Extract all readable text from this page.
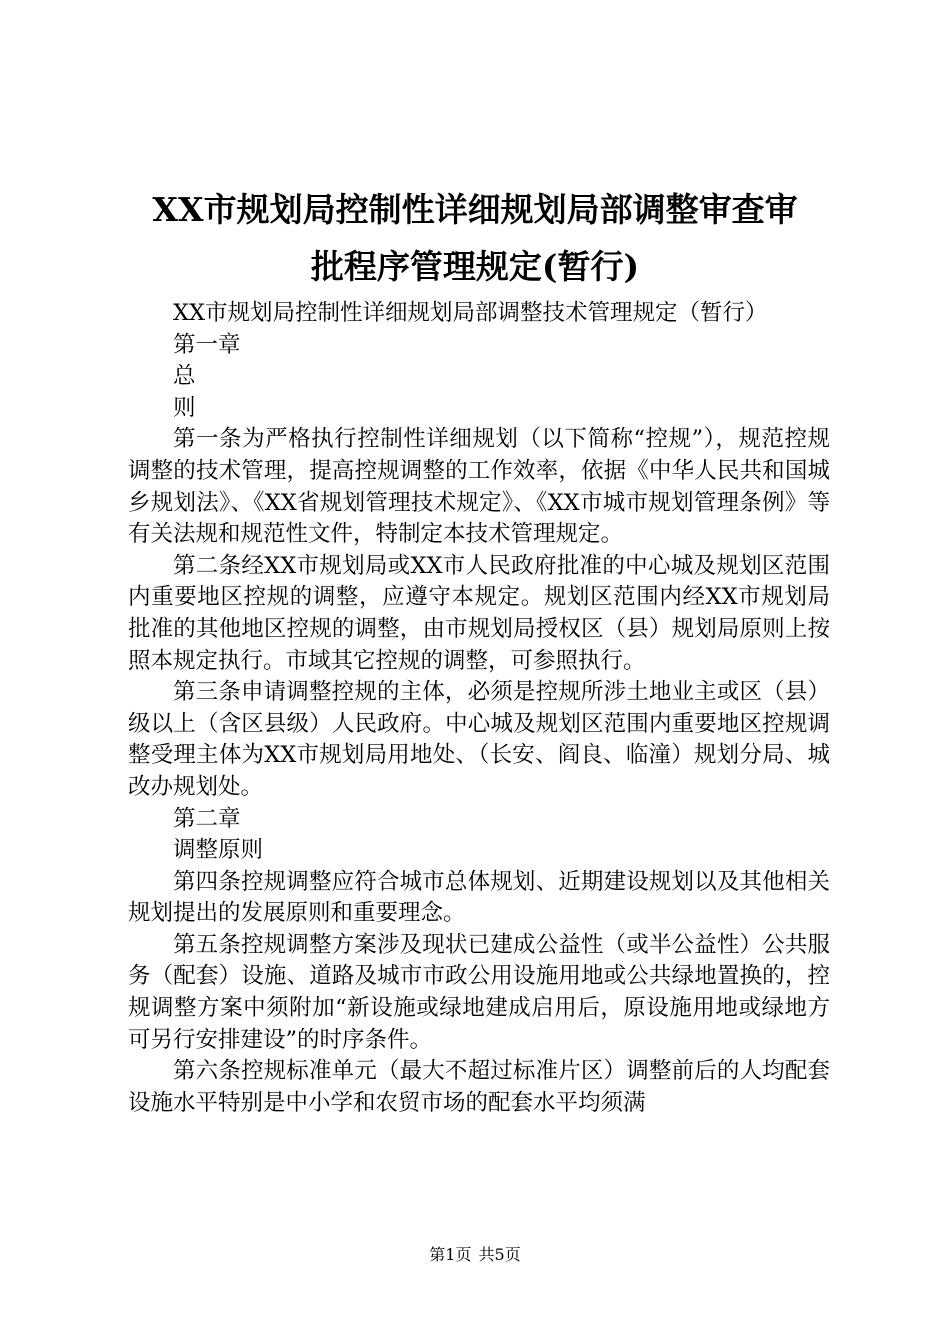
XX市规划局控制性详细规划局部调整审查审
批程序管理规定(暂行)

XX市规划局控制性详细规划局部调整技术管理规定（暂行）

第一章

总

则

第一条为严格执行控制性详细规划（以下简称“控规”），规范控规调整的技术管理，提高控规调整的工作效率，依据《中华人民共和国城乡规划法》、《XX省规划管理技术规定》、《XX市城市规划管理条例》等有关法规和规范性文件，特制定本技术管理规定。

第二条经XX市规划局或XX市人民政府批准的中心城及规划区范围内重要地区控规的调整，应遵守本规定。规划区范围内经XX市规划局批准的其他地区控规的调整，由市规划局授权区（县）规划局原则上按照本规定执行。市域其它控规的调整，可参照执行。

第三条申请调整控规的主体，必须是控规所涉土地业主或区（县）级以上（含区县级）人民政府。中心城及规划区范围内重要地区控规调整受理主体为XX市规划局用地处、（长安、阎良、临潼）规划分局、城改办规划处。

第二章

调整原则

第四条控规调整应符合城市总体规划、近期建设规划以及其他相关规划提出的发展原则和重要理念。

第五条控规调整方案涉及现状已建成公益性（或半公益性）公共服务（配套）设施、道路及城市市政公用设施用地或公共绿地置换的，控规调整方案中须附加“新设施或绿地建成启用后，原设施用地或绿地方可另行安排建设”的时序条件。

第六条控规标准单元（最大不超过标准片区）调整前后的人均配套设施水平特别是中小学和农贸市场的配套水平均须满

第1页 共5页
